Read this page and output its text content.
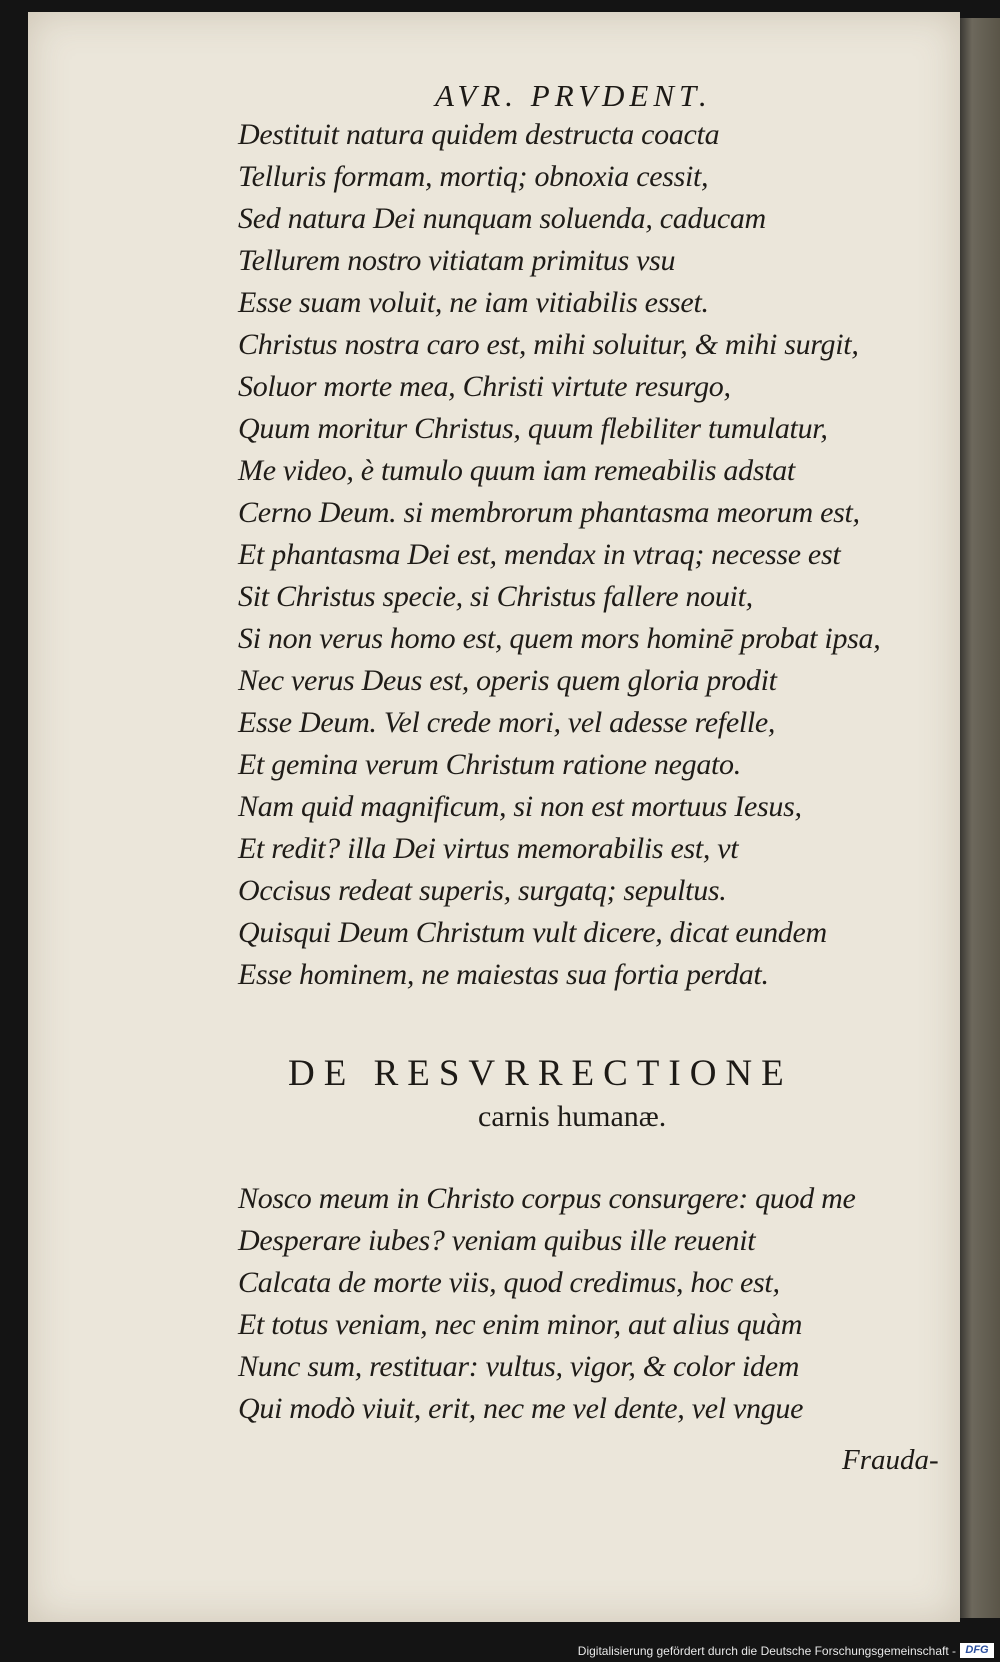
AVR. PRVDENT.
Destituit natura quidem destructa coacta
Telluris formam, mortiq; obnoxia cessit,
Sed natura Dei nunquam soluenda, caducam
Tellurem nostro vitiatam primitus vsu
Esse suam voluit, ne iam vitiabilis esset.
Christus nostra caro est, mihi soluitur, & mihi surgit,
Soluor morte mea, Christi virtute resurgo,
Quum moritur Christus, quum flebiliter tumulatur,
Me video, è tumulo quum iam remeabilis adstat
Cerno Deum. si membrorum phantasma meorum est,
Et phantasma Dei est, mendax in vtraq; necesse est
Sit Christus specie, si Christus fallere nouit,
Si non verus homo est, quem mors hominē probat ipsa,
Nec verus Deus est, operis quem gloria prodit
Esse Deum. Vel crede mori, vel adesse refelle,
Et gemina verum Christum ratione negato.
Nam quid magnificum, si non est mortuus Iesus,
Et redit? illa Dei virtus memorabilis est, vt
Occisus redeat superis, surgatq; sepultus.
Quisqui Deum Christum vult dicere, dicat eundem
Esse hominem, ne maiestas sua fortia perdat.
DE RESVRRECTIONE
carnis humanæ.
Nosco meum in Christo corpus consurgere: quod me
Desperare iubes? veniam quibus ille reuenit
Calcata de morte viis, quod credimus, hoc est,
Et totus veniam, nec enim minor, aut alius quàm
Nunc sum, restituar: vultus, vigor, & color idem
Qui modò viuit, erit, nec me vel dente, vel vngue
Frauda-
Digitalisierung gefördert durch die Deutsche Forschungsgemeinschaft - DFG
